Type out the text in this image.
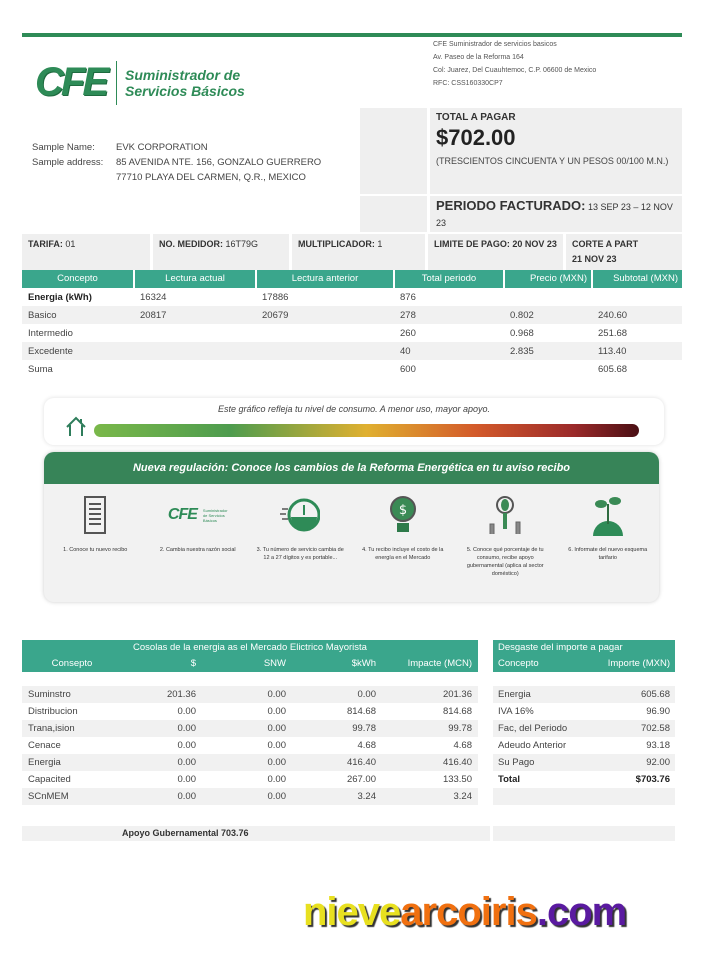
CFE Suministrador de
Servicios Básicos
CFE Suministrador de servicios basicos
Av. Paseo de la Reforma 164
Col: Juarez, Del Cuauhtemoc, C.P. 06600 de Mexico
RFC: CSS160330CP7
Sample Name: EVK CORPORATION
Sample address: 85 AVENIDA NTE. 156, GONZALO GUERRERO
77710 PLAYA DEL CARMEN, Q.R., MEXICO
TOTAL A PAGAR
$702.00
(TRESCIENTOS CINCUENTA Y UN PESOS 00/100 M.N.)
PERIODO FACTURADO: 13 SEP 23 – 12 NOV 23
TARIFA: 01	NO. MEDIDOR: 16T79G	MULTIPLICADOR: 1	LIMITE DE PAGO: 20 NOV 23	CORTE A PART
21 NOV 23
Concepto	Lectura actual	Lectura anterior	Total periodo	Precio (MXN)	Subtotal (MXN)
Energia (kWh)	16324	17886	876		
Basico	20817	20679	278	0.802	240.60
Intermedio			260	0.968	251.68
Excedente			40	2.835	113.40
Suma			600		605.68
Este gráfico refleja tu nivel de consumo. A menor uso, mayor apoyo.
Nueva regulación: Conoce los cambios de la Reforma Energética en tu aviso recibo
1. Conoce tu nuevo recibo
CFE Suministrador de Servicios Básicos
2. Cambia nuestra razón social	3. Tu número de servicio cambia de 12 a 27 dígitos y es portable...
$
4. Tu recibo incluye el costo de la energía en el Mercado
5. Conoce qué porcentaje de tu consumo, recibe apoyo gubernamental (aplica al sector doméstico)
6. Informate del nuevo esquema tarifario
Cosolas de la energia as el Mercado Elictrico Mayorista				
Consepto	$	SNW	$kWh	Impacte (MCN)

Suminstro	201.36	0.00	0.00	201.36
Distribucion	0.00	0.00	814.68	814.68
Trana,ision	0.00	0.00	99.78	99.78
Cenace	0.00	0.00	4.68	4.68
Energia	0.00	0.00	416.40	416.40
Capacited	0.00	0.00	267.00	133.50
SCnMEM	0.00	0.00	3.24	3.24
Desgaste del importe a pagar	
Concepto	Importe (MXN)

Energia	605.68
IVA 16%	96.90
Fac, del Periodo	702.58
Adeudo Anterior	93.18
Su Pago	92.00
Total	$703.76

Apoyo Gubernamental 703.76
nievearcoiris.com
